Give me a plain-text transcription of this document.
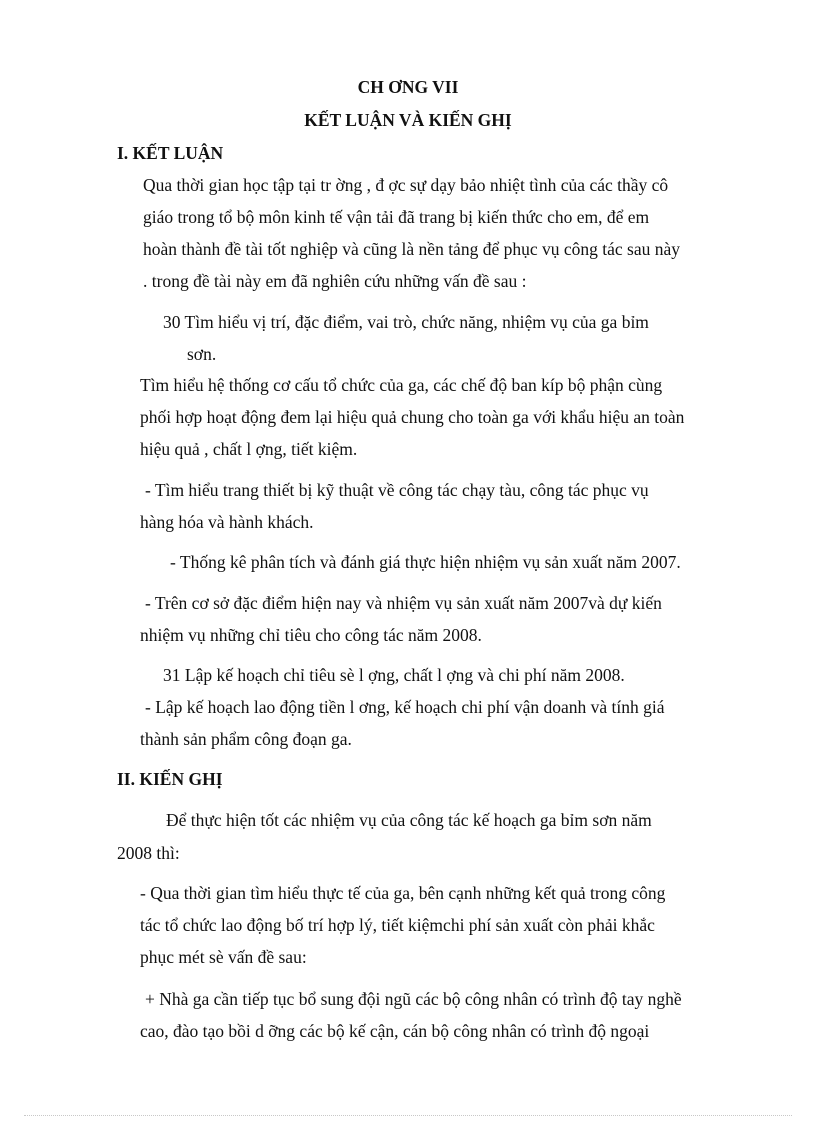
CH ƠNG VII
KẾT LUẬN VÀ KIẾN GHỊ
I. KẾT LUẬN
Qua thời gian học tập tại tr ờng , đ ợc sự dạy bảo nhiệt tình của các thầy cô
giáo trong tổ bộ môn kinh tế vận tải đã trang bị kiến thức cho em, để em
hoàn thành đề tài tốt nghiệp và cũng là nền tảng để phục vụ công tác sau này
. trong đề tài này em đã nghiên cứu những vấn đề sau :
30 Tìm hiểu vị trí, đặc điểm, vai trò, chức năng, nhiệm vụ của ga bỉm
sơn.
Tìm hiểu hệ thống cơ cấu tổ chức của ga, các chế độ ban kíp bộ phận cùng
phối hợp hoạt động đem lại hiệu quả chung cho toàn ga với khẩu hiệu an toàn
hiệu quả , chất l ợng, tiết kiệm.
- Tìm hiểu trang thiết bị kỹ thuật về công tác chạy tàu, công tác phục vụ
hàng hóa và hành khách.
- Thống kê phân tích và đánh giá thực hiện nhiệm vụ sản xuất năm 2007.
- Trên cơ sở đặc điểm hiện nay và nhiệm vụ sản xuất năm 2007và dự kiến
nhiệm vụ những chỉ tiêu cho công tác năm 2008.
31 Lập kế hoạch chỉ tiêu sè l ợng, chất l ợng và chi phí năm 2008.
- Lập kế hoạch lao động tiền l ơng, kế hoạch chi phí vận doanh và tính giá
thành sản phẩm công đoạn ga.
II. KIẾN GHỊ
Để thực hiện tốt các nhiệm vụ của công tác kế hoạch ga bỉm sơn năm
2008 thì:
- Qua thời gian tìm hiểu thực tế của ga, bên cạnh những kết quả trong công
tác tổ chức lao động bố trí hợp lý, tiết kiệmchi phí sản xuất còn phải khắc
phục mét sè vấn đề sau:
+ Nhà ga cần tiếp tục bổ sung đội ngũ các bộ công nhân có trình độ tay nghề
cao, đào tạo bồi d ỡng các bộ kế cận, cán bộ công nhân có trình độ ngoại
